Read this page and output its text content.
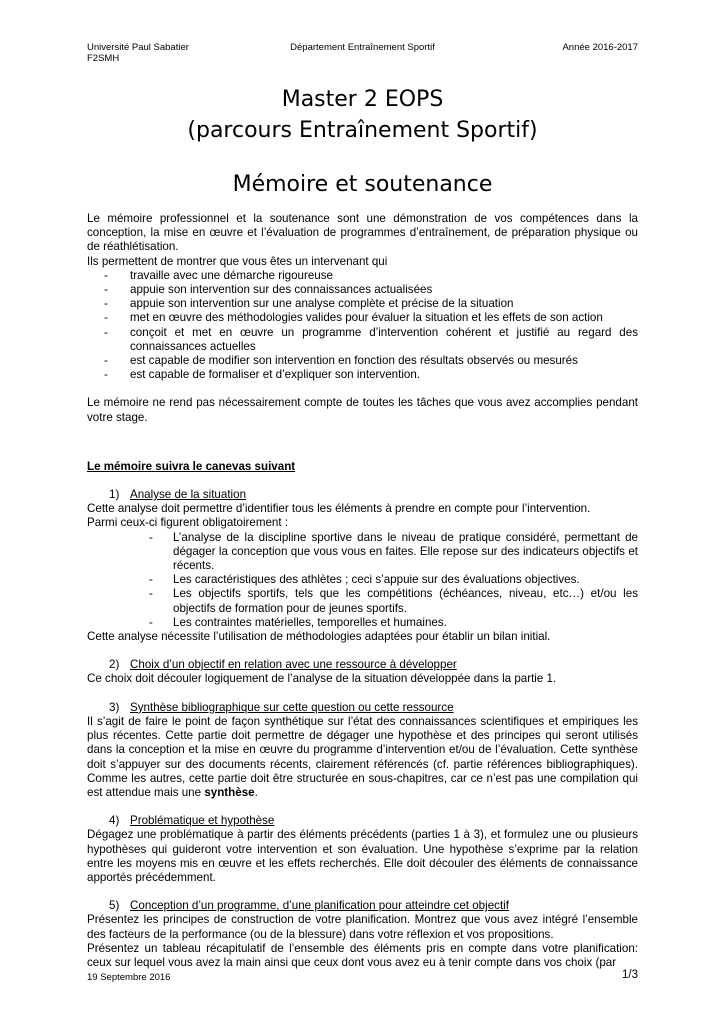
Université Paul Sabatier
F2SMH
Département Entraînement Sportif	Année 2016-2017
Master 2 EOPS
(parcours Entraînement Sportif)
Mémoire et soutenance

Le mémoire professionnel et la soutenance sont une démonstration de vos compétences dans la conception, la mise en œuvre et l’évaluation de programmes d’entraînement, de préparation physique ou de réathlétisation.

Ils permettent de montrer que vous êtes un intervenant qui

- travaille avec une démarche rigoureuse
- appuie son intervention sur des connaissances actualisées
- appuie son intervention sur une analyse complète et précise de la situation
- met en œuvre des méthodologies valides pour évaluer la situation et les effets de son action
- conçoit et met en œuvre un programme d’intervention cohérent et justifié au regard des connaissances actuelles
- est capable de modifier son intervention en fonction des résultats observés ou mesurés
- est capable de formaliser et d’expliquer son intervention.

Le mémoire ne rend pas nécessairement compte de toutes les tâches que vous avez accomplies pendant votre stage.

Le mémoire suivra le canevas suivant
1) Analyse de la situation

Cette analyse doit permettre d’identifier tous les éléments à prendre en compte pour l’intervention.

Parmi ceux-ci figurent obligatoirement :

- L’analyse de la discipline sportive dans le niveau de pratique considéré, permettant de dégager la conception que vous vous en faites. Elle repose sur des indicateurs objectifs et récents.
- Les caractéristiques des athlètes ; ceci s’appuie sur des évaluations objectives.
- Les objectifs sportifs, tels que les compétitions (échéances, niveau, etc…) et/ou les objectifs de formation pour de jeunes sportifs.
- Les contraintes matérielles, temporelles et humaines.

Cette analyse nécessite l’utilisation de méthodologies adaptées pour établir un bilan initial.

2) Choix d’un objectif en relation avec une ressource à développer

Ce choix doit découler logiquement de l’analyse de la situation développée dans la partie 1.

3) Synthèse bibliographique sur cette question ou cette ressource

Il s’agit de faire le point de façon synthétique sur l’état des connaissances scientifiques et empiriques les plus récentes. Cette partie doit permettre de dégager une hypothèse et des principes qui seront utilisés dans la conception et la mise en œuvre du programme d’intervention et/ou de l’évaluation. Cette synthèse doit s’appuyer sur des documents récents, clairement référencés (cf. partie références bibliographiques). Comme les autres, cette partie doit être structurée en sous-chapitres, car ce n’est pas une compilation qui est attendue mais une synthèse.

4) Problématique et hypothèse

Dégagez une problématique à partir des éléments précédents (parties 1 à 3), et formulez une ou plusieurs hypothèses qui guideront votre intervention et son évaluation. Une hypothèse s’exprime par la relation entre les moyens mis en œuvre et les effets recherchés. Elle doit découler des éléments de connaissance apportés précédemment.

5) Conception d’un programme, d’une planification pour atteindre cet objectif

Présentez les principes de construction de votre planification. Montrez que vous avez intégré l’ensemble des facteurs de la performance (ou de la blessure) dans votre réflexion et vos propositions.

Présentez un tableau récapitulatif de l’ensemble des éléments pris en compte dans votre planification: ceux sur lequel vous avez la main ainsi que ceux dont vous avez eu à tenir compte dans vos choix (par

19 Septembre 2016	1/3
